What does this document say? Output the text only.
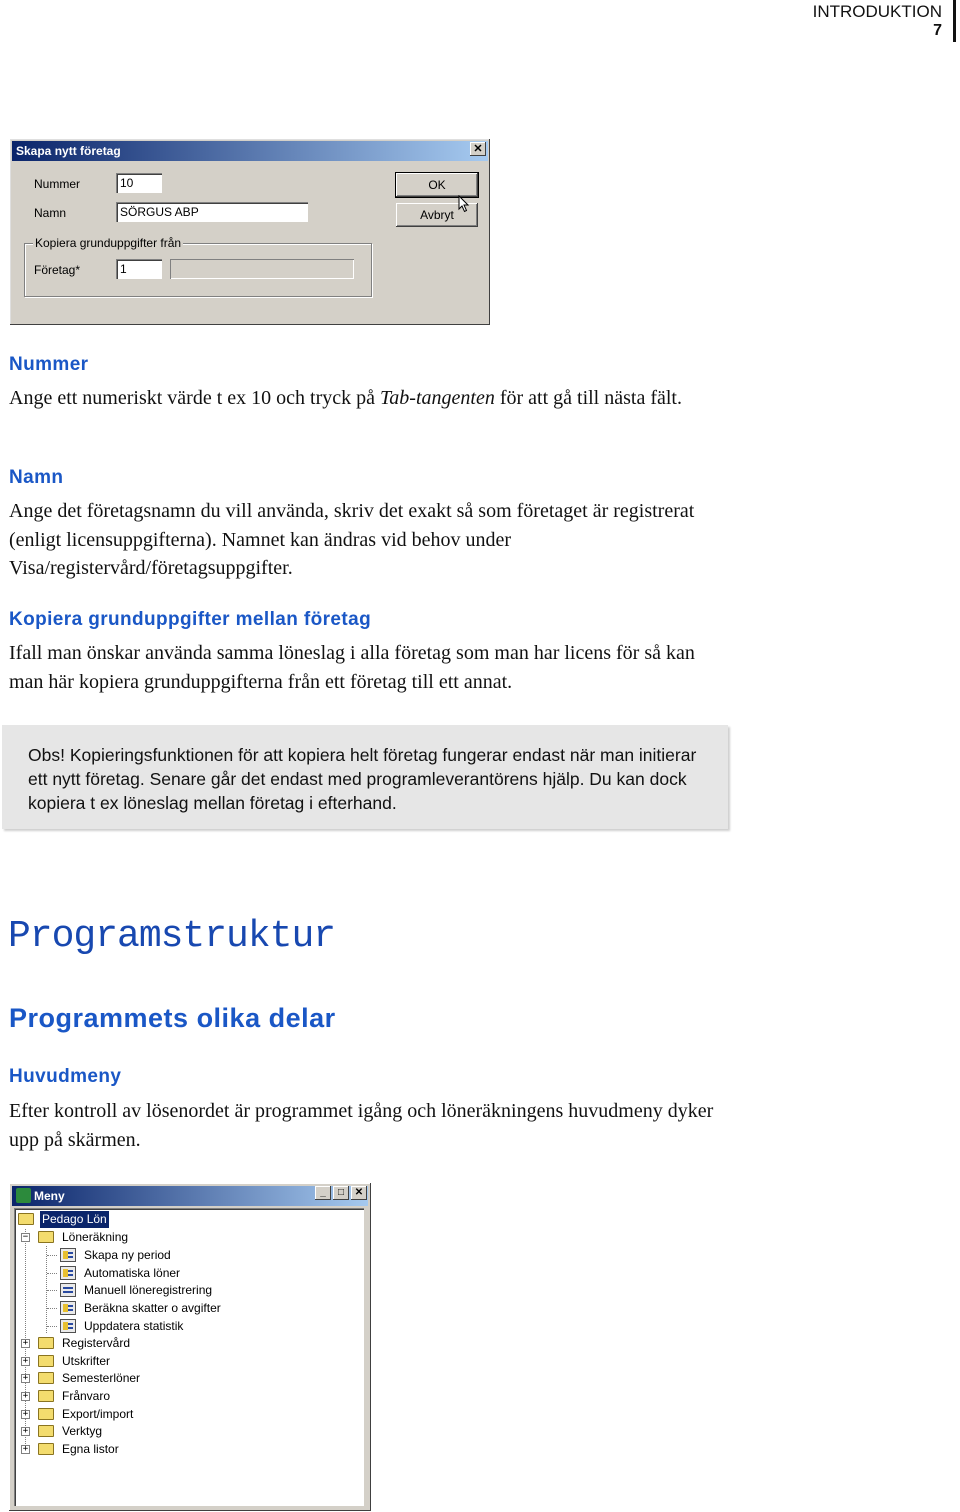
INTRODUKTION
7
Skapa nytt företag	✕
Nummer	10
Namn	SÖRGUS ABP
Kopiera grunduppgifter från
Företag*	1
OK
Avbryt
Nummer

Ange ett numeriskt värde t ex 10 och tryck på Tab-tangenten för att gå till nästa fält.

Namn

Ange det företagsnamn du vill använda, skriv det exakt så som företaget är registrerat (enligt licensuppgifterna). Namnet kan ändras vid behov under Visa/registervård/företagsuppgifter.

Kopiera grunduppgifter mellan företag

Ifall man önskar använda samma löneslag i alla företag som man har licens för så kan man här kopiera grunduppgifterna från ett företag till ett annat.

Obs! Kopieringsfunktionen för att kopiera helt företag fungerar endast när man initierar ett nytt företag. Senare går det endast med programleverantörens hjälp. Du kan dock kopiera t ex löneslag mellan företag i efterhand.

Programstruktur
Programmets olika delar
Huvudmeny

Efter kontroll av lösenordet är programmet igång och löneräkningens huvudmeny dyker upp på skärmen.

Meny	_	□	✕
Pedago Lön
−	Löneräkning
Skapa ny period
Automatiska löner
Manuell löneregistrering
Beräkna skatter o avgifter
Uppdatera statistik
+	Registervård
+	Utskrifter
+	Semesterlöner
+	Frånvaro
+	Export/import
+	Verktyg
+	Egna listor
